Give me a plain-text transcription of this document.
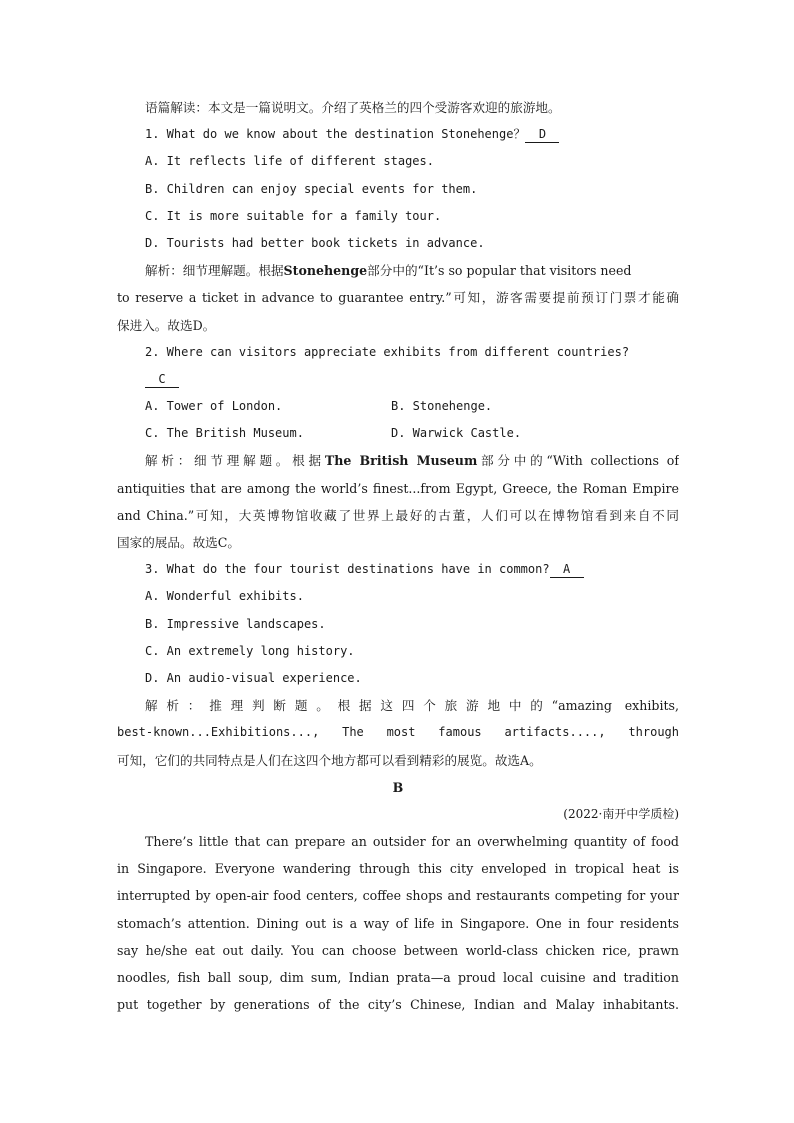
语篇解读：本文是一篇说明文。介绍了英格兰的四个受游客欢迎的旅游地。
1. What do we know about the destination Stonehenge？ D
A. It reflects life of different stages.
B. Children can enjoy special events for them.
C. It is more suitable for a family tour.
D. Tourists had better book tickets in advance.
解析：细节理解题。根据Stonehenge部分中的“It’s so popular that visitors need
to reserve a ticket in advance to guarantee entry.”可知，游客需要提前预订门票才能确
保进入。故选D。
2. Where can visitors appreciate exhibits from different countries?
C
A. Tower of London.	B. Stonehenge.
C. The British Museum.	D. Warwick Castle.
解析：细节理解题。根据The British Museum部分中的“With collections of
antiquities that are among the world’s finest...from Egypt, Greece, the Roman Empire
and China.”可知，大英博物馆收藏了世界上最好的古董，人们可以在博物馆看到来自不同
国家的展品。故选C。
3. What do the four tourist destinations have in common? A
A. Wonderful exhibits.
B. Impressive landscapes.
C. An extremely long history.
D. An audio-visual experience.
解析：推理判断题。根据这四个旅游地中的“amazing exhibits,
best-known...Exhibitions..., The most famous artifacts...., through
可知，它们的共同特点是人们在这四个地方都可以看到精彩的展览。故选A。
B
(2022·南开中学质检)
There’s little that can prepare an outsider for an overwhelming quantity of food
in Singapore. Everyone wandering through this city enveloped in tropical heat is
interrupted by open-air food centers, coffee shops and restaurants competing for your
stomach’s attention. Dining out is a way of life in Singapore. One in four residents
say he/she eat out daily. You can choose between world-class chicken rice, prawn
noodles, fish ball soup, dim sum, Indian prata—a proud local cuisine and tradition
put together by generations of the city’s Chinese, Indian and Malay inhabitants.
